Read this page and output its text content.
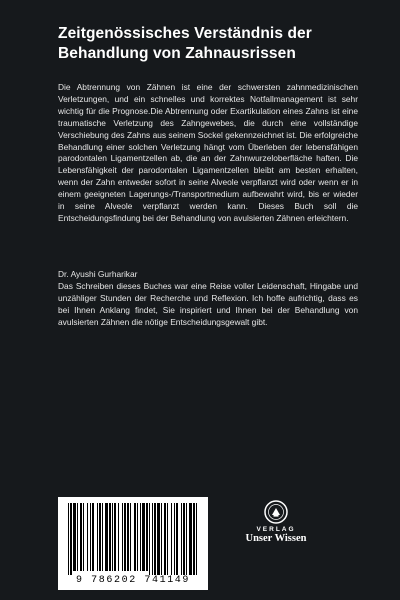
Zeitgenössisches Verständnis der
Behandlung von Zahnausrissen

Die Abtrennung von Zähnen ist eine der schwersten zahnmedizinischen Verletzungen, und ein schnelles und korrektes Notfallmanagement ist sehr wichtig für die Prognose.Die Abtrennung oder Exartikulation eines Zahns ist eine traumatische Verletzung des Zahngewebes, die durch eine vollständige Verschiebung des Zahns aus seinem Sockel gekennzeichnet ist. Die erfolgreiche Behandlung einer solchen Verletzung hängt vom Überleben der lebensfähigen parodontalen Ligamentzellen ab, die an der Zahnwurzeloberfläche haften. Die Lebensfähigkeit der parodontalen Ligamentzellen bleibt am besten erhalten, wenn der Zahn entweder sofort in seine Alveole verpflanzt wird oder wenn er in einem geeigneten Lagerungs-/Transportmedium aufbewahrt wird, bis er wieder in seine Alveole verpflanzt werden kann. Dieses Buch soll die Entscheidungsfindung bei der Behandlung von avulsierten Zähnen erleichtern.

Dr. Ayushi Gurharikar

Das Schreiben dieses Buches war eine Reise voller Leidenschaft, Hingabe und unzähliger Stunden der Recherche und Reflexion. Ich hoffe aufrichtig, dass es bei Ihnen Anklang findet, Sie inspiriert und Ihnen bei der Behandlung von avulsierten Zähnen die nötige Entscheidungsgewalt gibt.

9 786202 741149
VERLAG
Unser Wissen
